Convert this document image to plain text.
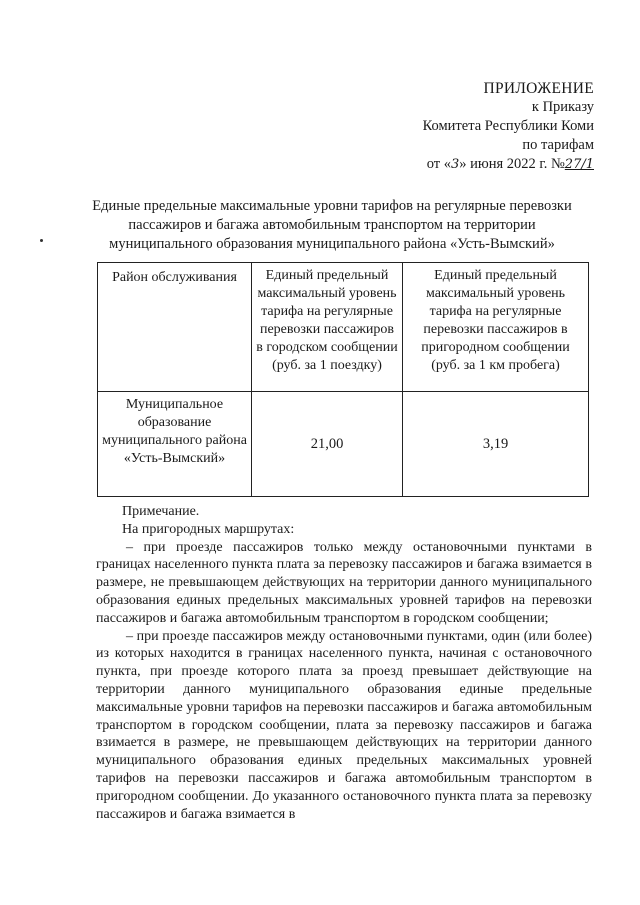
ПРИЛОЖЕНИЕ
к Приказу
Комитета Республики Коми
по тарифам
от «3» июня 2022 г. №27/1
Единые предельные максимальные уровни тарифов на регулярные перевозки пассажиров и багажа автомобильным транспортом на территории муниципального образования муниципального района «Усть-Вымский»
Район обслуживания	Единый предельный максимальный уровень тарифа на регулярные перевозки пассажиров в городском сообщении (руб. за 1 поездку)	Единый предельный максимальный уровень тарифа на регулярные перевозки пассажиров в пригородном сообщении (руб. за 1 км пробега)
Муниципальное образование муниципального района «Усть-Вымский»	21,00	3,19
Примечание.
На пригородных маршрутах:

– при проезде пассажиров только между остановочными пунктами в границах населенного пункта плата за перевозку пассажиров и багажа взимается в размере, не превышающем действующих на территории данного муниципального образования единых предельных максимальных уровней тарифов на перевозки пассажиров и багажа автомобильным транспортом в городском сообщении;

– при проезде пассажиров между остановочными пунктами, один (или более) из которых находится в границах населенного пункта, начиная с остановочного пункта, при проезде которого плата за проезд превышает действующие на территории данного муниципального образования единые предельные максимальные уровни тарифов на перевозки пассажиров и багажа автомобильным транспортом в городском сообщении, плата за перевозку пассажиров и багажа взимается в размере, не превышающем действующих на территории данного муниципального образования единых предельных максимальных уровней тарифов на перевозки пассажиров и багажа автомобильным транспортом в пригородном сообщении. До указанного остановочного пункта плата за перевозку пассажиров и багажа взимается в
